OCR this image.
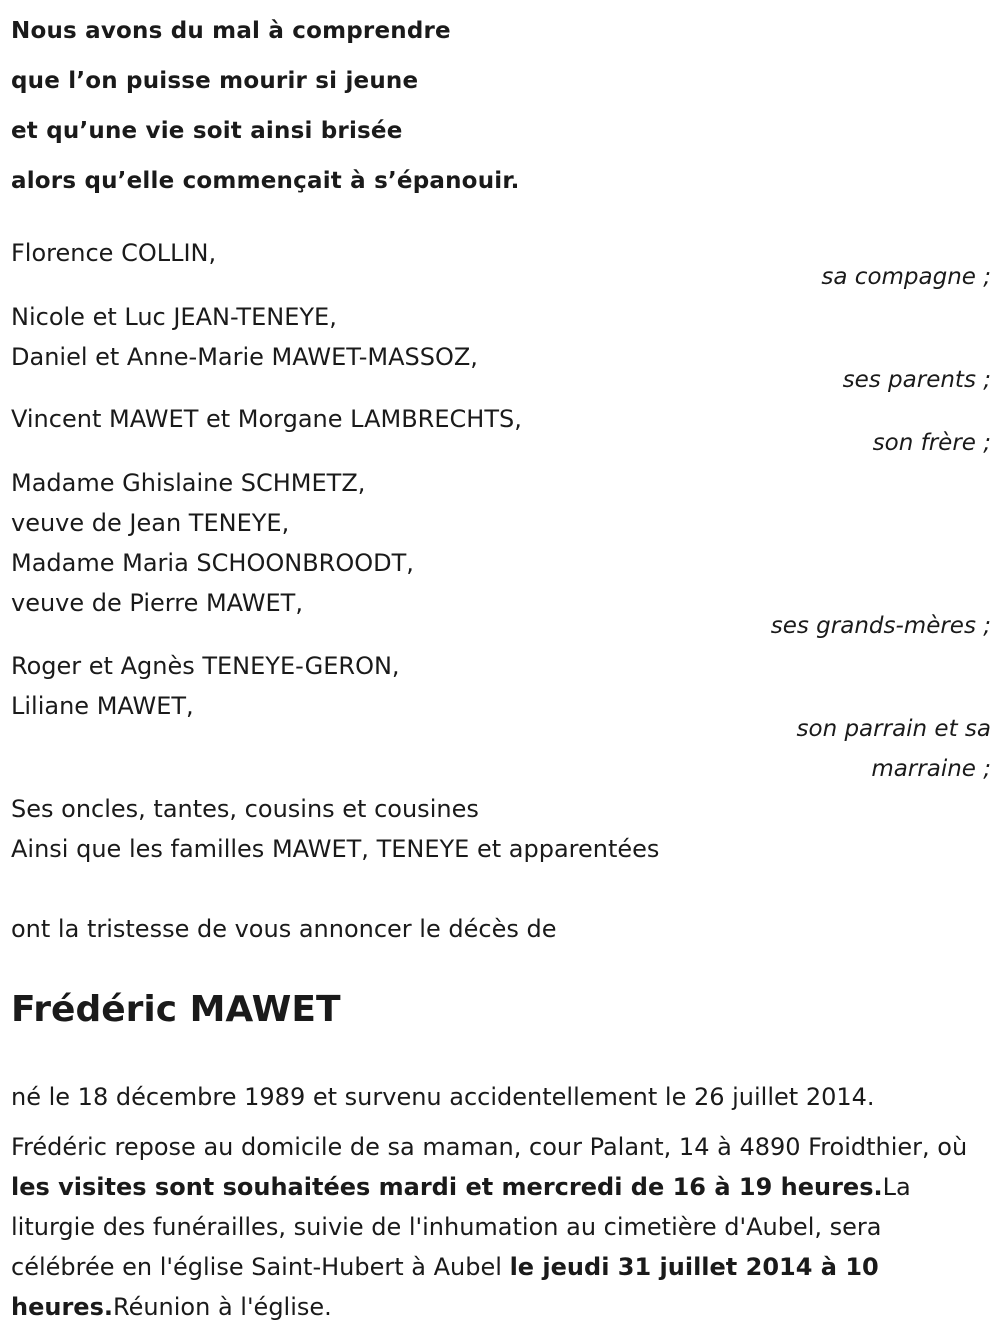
Nous avons du mal à comprendre
que l’on puisse mourir si jeune
et qu’une vie soit ainsi brisée
alors qu’elle commençait à s’épanouir.
Florence COLLIN,
sa compagne ;
Nicole et Luc JEAN-TENEYE,
Daniel et Anne-Marie MAWET-MASSOZ,
ses parents ;
Vincent MAWET et Morgane LAMBRECHTS,
son frère ;
Madame Ghislaine SCHMETZ,
veuve de Jean TENEYE,
Madame Maria SCHOONBROODT,
veuve de Pierre MAWET,
ses grands-mères ;
Roger et Agnès TENEYE-GERON,
Liliane MAWET,
son parrain et sa
marraine ;
Ses oncles, tantes, cousins et cousines
Ainsi que les familles MAWET, TENEYE et apparentées
ont la tristesse de vous annoncer le décès de
Frédéric MAWET
né le 18 décembre 1989 et survenu accidentellement le 26 juillet 2014.
Frédéric repose au domicile de sa maman, cour Palant, 14 à 4890 Froidthier, où les visites sont souhaitées mardi et mercredi de 16 à 19 heures.La liturgie des funérailles, suivie de l'inhumation au cimetière d'Aubel, sera célébrée en l'église Saint-Hubert à Aubel le jeudi 31 juillet 2014 à 10 heures.Réunion à l'église.
